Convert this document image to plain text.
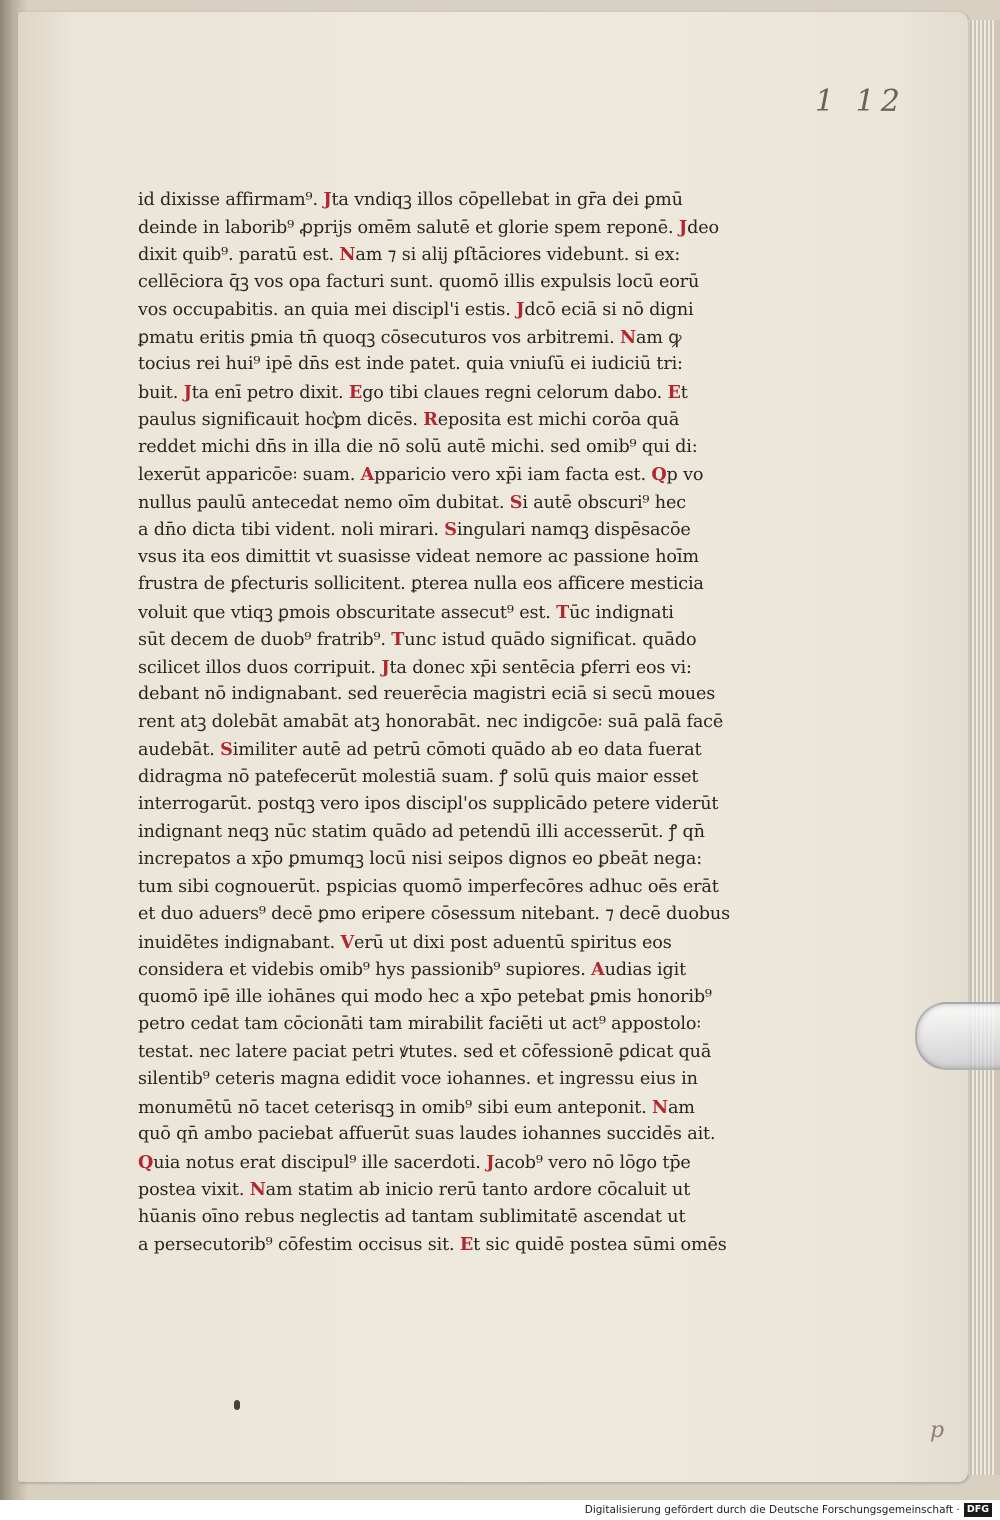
1 12
id dixisse affirmam⁹. Jta vndiqꝫ illos cōpellebat in gr̄a dei ꝑmū
deinde in laborib⁹ ꝓprijs omēm salutē et glorie spem reponē. Jdeo
dixit quib⁹. paratū est. Nam ⁊ si alij ꝑſtāciores videbunt. si ex:
cellēciora q̄ꝫ vos opa facturi sunt. quomō illis expulsis locū eorū
vos occupabitis. an quia mei discipl'i estis. Jdcō eciā si nō digni
ꝑmatu eritis ꝑmia tn̄ quoqꝫ cōsecuturos vos arbitremi. Nam ꝙ
tocius rei hui⁹ ipē dn̄s est inde patet. quia vniuſū ei iudiciū tri:
buit. Jta enī petro dixit. Ego tibi claues regni celorum dabo. Et
paulus significauit hoc͛ꝑm dicēs. Reposita est michi corōa quā
reddet michi dn̄s in illa die nō solū autē michi. sed omib⁹ qui di:
lexerūt apparicōe꞉ suam. Apparicio vero xp̄i iam facta est. Qp vo
nullus paulū antecedat nemo oīm dubitat. Si autē obscuri⁹ hec
a dn̄o dicta tibi vident. noli mirari. Singulari namqꝫ dispēsacōe
vsus ita eos dimittit vt suasisse videat nemore ac passione hoīm
frustra de ꝑfecturis sollicitent. ꝑterea nulla eos afficere mesticia
voluit que vtiqꝫ ꝑmois obscuritate assecut⁹ est. Tūc indignati
sūt decem de duob⁹ fratrib⁹. Tunc istud quādo significat. quādo
scilicet illos duos corripuit. Jta donec xp̄i sentēcia ꝑferri eos vi:
debant nō indignabant. sed reuerēcia magistri eciā si secū moues
rent atꝫ dolebāt amabāt atꝫ honorabāt. nec indigcōe꞉ suā palā facē
audebāt. Similiter autē ad petrū cōmoti quādo ab eo data fuerat
didragma nō patefecerūt molestiā suam. ꝭ solū quis maior esset
interrogarūt. postqꝫ vero ipos discipl'os supplicādo petere viderūt
indignant neqꝫ nūc statim quādo ad petendū illi accesserūt. ꝭ qn̄
increpatos a xp̄o ꝑmumqꝫ locū nisi seipos dignos eo ꝑbeāt nega:
tum sibi cognouerūt. pspicias quomō imperfecōres adhuc oēs erāt
et duo aduers⁹ decē ꝑmo eripere cōsessum nitebant. ⁊ decē duobus
inuidētes indignabant. Verū ut dixi post aduentū spiritus eos
considera et videbis omib⁹ hys passionib⁹ supiores. Audias igit
quomō ipē ille iohānes qui modo hec a xp̄o petebat ꝑmis honorib⁹
petro cedat tam cōcionāti tam mirabilit faciēti ut act⁹ appostolo꞉
testat. nec latere paciat petri ꝟtutes. sed et cōfessionē ꝑdicat quā
silentib⁹ ceteris magna edidit voce iohannes. et ingressu eius in
monumētū nō tacet ceterisqꝫ in omib⁹ sibi eum anteponit. Nam
quō qn̄ ambo paciebat affuerūt suas laudes iohannes succidēs ait.
Quia notus erat discipul⁹ ille sacerdoti. Jacob⁹ vero nō lōgo tp̄e
postea vixit. Nam statim ab inicio rerū tanto ardore cōcaluit ut
hūanis oīno rebus neglectis ad tantam sublimitatē ascendat ut
a persecutorib⁹ cōfestim occisus sit. Et sic quidē postea sūmi omēs
p
Digitalisierung gefördert durch die Deutsche Forschungsgemeinschaft · DFG
